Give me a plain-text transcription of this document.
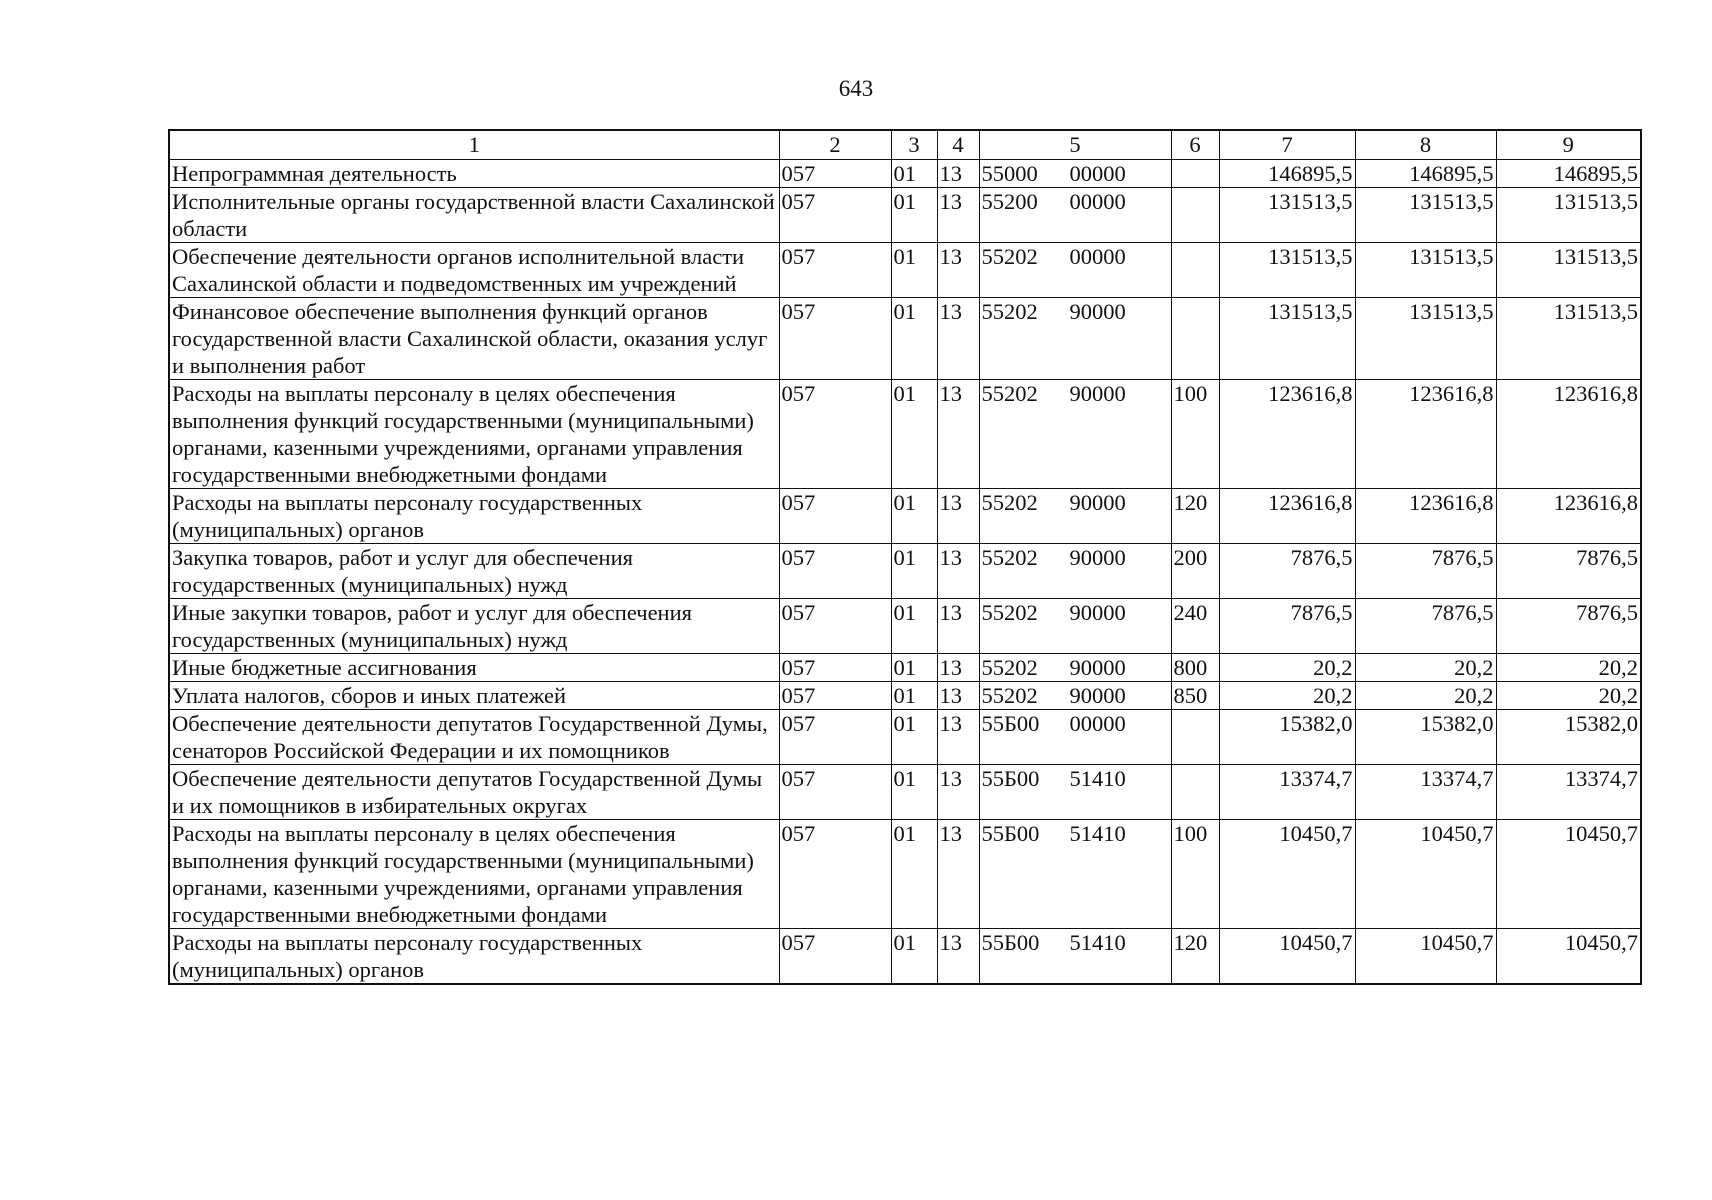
643
1	2	3	4	5	6	7	8	9
Непрограммная деятельность	057	01	13	55000 00000		146895,5	146895,5	146895,5
Исполнительные органы государственной власти Сахалинской области	057	01	13	55200 00000		131513,5	131513,5	131513,5
Обеспечение деятельности органов исполнительной власти Сахалинской области и подведомственных им учреждений	057	01	13	55202 00000		131513,5	131513,5	131513,5
Финансовое обеспечение выполнения функций органов государственной власти Сахалинской области, оказания услуг и выполнения работ	057	01	13	55202 90000		131513,5	131513,5	131513,5
Расходы на выплаты персоналу в целях обеспечения выполнения функций государственными (муниципальными) органами, казенными учреждениями, органами управления государственными внебюджетными фондами	057	01	13	55202 90000	100	123616,8	123616,8	123616,8
Расходы на выплаты персоналу государственных (муниципальных) органов	057	01	13	55202 90000	120	123616,8	123616,8	123616,8
Закупка товаров, работ и услуг для обеспечения государственных (муниципальных) нужд	057	01	13	55202 90000	200	7876,5	7876,5	7876,5
Иные закупки товаров, работ и услуг для обеспечения государственных (муниципальных) нужд	057	01	13	55202 90000	240	7876,5	7876,5	7876,5
Иные бюджетные ассигнования	057	01	13	55202 90000	800	20,2	20,2	20,2
Уплата налогов, сборов и иных платежей	057	01	13	55202 90000	850	20,2	20,2	20,2
Обеспечение деятельности депутатов Государственной Думы, сенаторов Российской Федерации и их помощников	057	01	13	55Б00 00000		15382,0	15382,0	15382,0
Обеспечение деятельности депутатов Государственной Думы и их помощников в избирательных округах	057	01	13	55Б00 51410		13374,7	13374,7	13374,7
Расходы на выплаты персоналу в целях обеспечения выполнения функций государственными (муниципальными) органами, казенными учреждениями, органами управления государственными внебюджетными фондами	057	01	13	55Б00 51410	100	10450,7	10450,7	10450,7
Расходы на выплаты персоналу государственных (муниципальных) органов	057	01	13	55Б00 51410	120	10450,7	10450,7	10450,7
